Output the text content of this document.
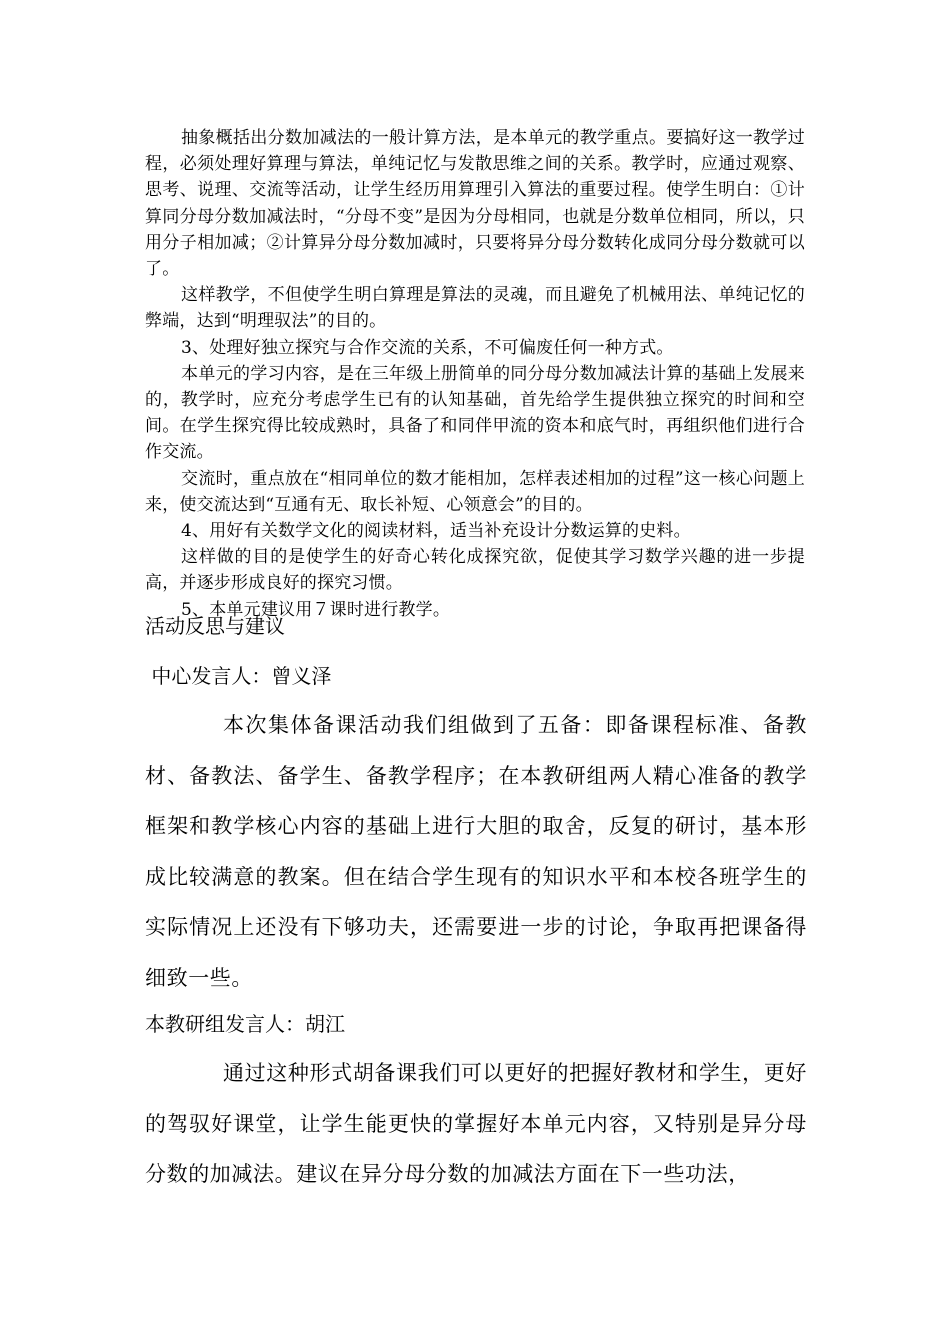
抽象概括出分数加减法的一般计算方法，是本单元的教学重点。要搞好这一教学过程，必须处理好算理与算法，单纯记忆与发散思维之间的关系。教学时，应通过观察、思考、说理、交流等活动，让学生经历用算理引入算法的重要过程。使学生明白：①计算同分母分数加减法时，“分母不变”是因为分母相同，也就是分数单位相同，所以，只用分子相加减；②计算异分母分数加减时，只要将异分母分数转化成同分母分数就可以了。

这样教学，不但使学生明白算理是算法的灵魂，而且避免了机械用法、单纯记忆的弊端，达到“明理驭法”的目的。

3、处理好独立探究与合作交流的关系，不可偏废任何一种方式。

本单元的学习内容，是在三年级上册简单的同分母分数加减法计算的基础上发展来的，教学时，应充分考虑学生已有的认知基础，首先给学生提供独立探究的时间和空间。在学生探究得比较成熟时，具备了和同伴甲流的资本和底气时，再组织他们进行合作交流。

交流时，重点放在“相同单位的数才能相加，怎样表述相加的过程”这一核心问题上来，使交流达到“互通有无、取长补短、心领意会”的目的。

4、用好有关数学文化的阅读材料，适当补充设计分数运算的史料。

这样做的目的是使学生的好奇心转化成探究欲，促使其学习数学兴趣的进一步提高，并逐步形成良好的探究习惯。

5、本单元建议用７课时进行教学。

活动反思与建议

中心发言人：曾义泽

本次集体备课活动我们组做到了五备：即备课程标准、备教材、备教法、备学生、备教学程序；在本教研组两人精心准备的教学框架和教学核心内容的基础上进行大胆的取舍，反复的研讨，基本形成比较满意的教案。但在结合学生现有的知识水平和本校各班学生的实际情况上还没有下够功夫，还需要进一步的讨论，争取再把课备得细致一些。

本教研组发言人：胡江

通过这种形式胡备课我们可以更好的把握好教材和学生，更好的驾驭好课堂，让学生能更快的掌握好本单元内容，又特别是异分母分数的加减法。建议在异分母分数的加减法方面在下一些功法，
